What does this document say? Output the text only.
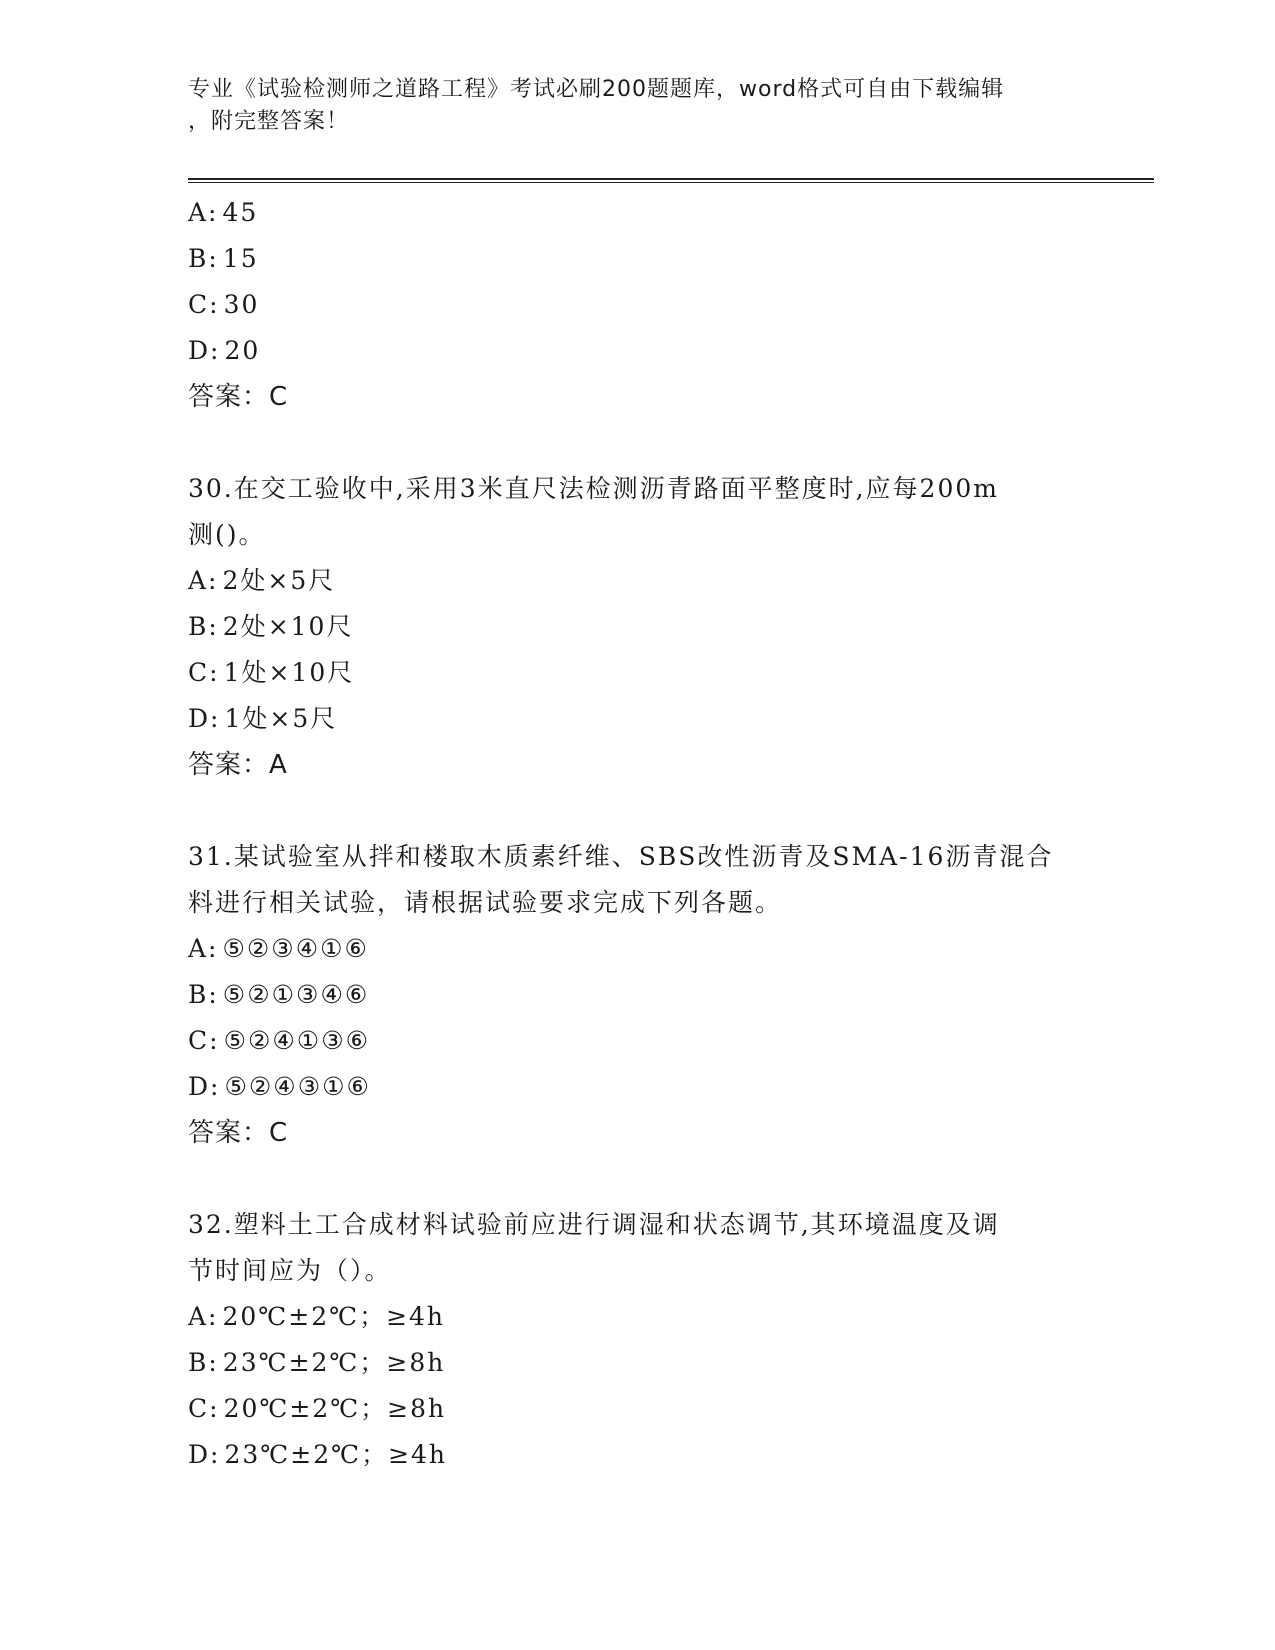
专业《试验检测师之道路工程》考试必刷200题题库，word格式可自由下载编辑
，附完整答案！
A: 45
B: 15
C: 30
D: 20
答案：C
30.在交工验收中,采用3米直尺法检测沥青路面平整度时,应每200m
测()。
A: 2处×5尺
B: 2处×10尺
C: 1处×10尺
D: 1处×5尺
答案：A
31.某试验室从拌和楼取木质素纤维、SBS改性沥青及SMA-16沥青混合
料进行相关试验，请根据试验要求完成下列各题。
A: ⑤②③④①⑥
B: ⑤②①③④⑥
C: ⑤②④①③⑥
D: ⑤②④③①⑥
答案：C
32.塑料土工合成材料试验前应进行调湿和状态调节,其环境温度及调
节时间应为（）。
A: 20℃±2℃；≥4h
B: 23℃±2℃；≥8h
C: 20℃±2℃；≥8h
D: 23℃±2℃；≥4h
